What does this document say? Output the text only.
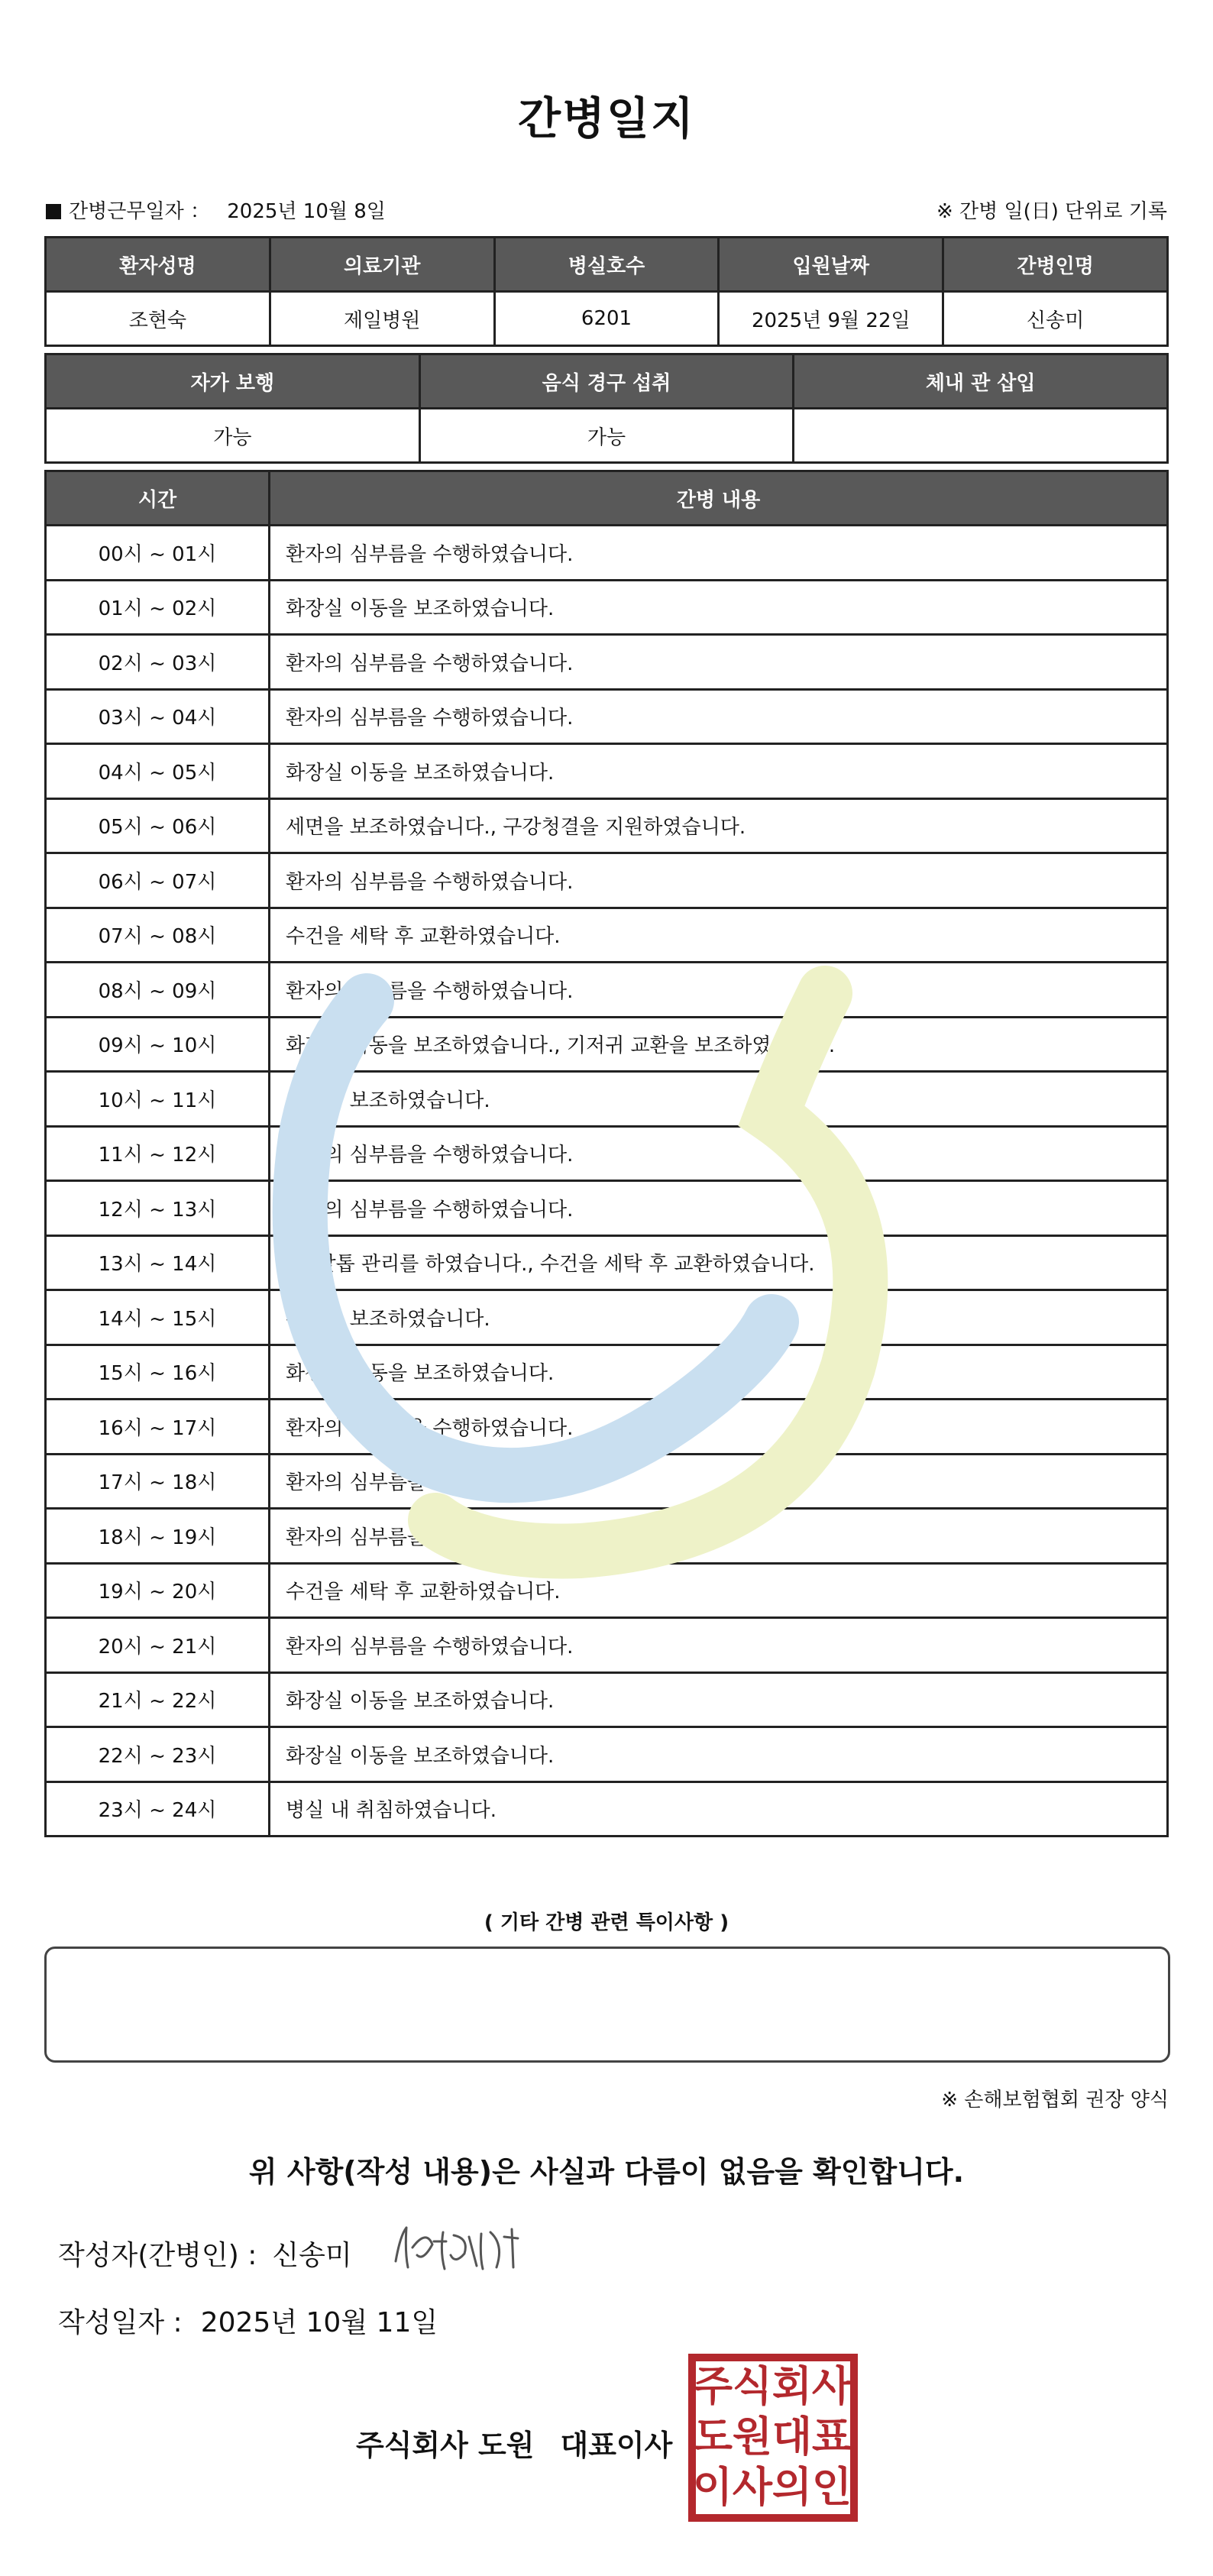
간병일지
간병근무일자 ： 2025년 10월 8일	※ 간병 일(日) 단위로 기록
환자성명	의료기관	병실호수	입원날짜	간병인명
조현숙	제일병원	6201	2025년 9월 22일	신송미
자가 보행	음식 경구 섭취	체내 관 삽입
가능	가능	
시간	간병 내용
00시 ~ 01시	환자의 심부름을 수행하였습니다.
01시 ~ 02시	화장실 이동을 보조하였습니다.
02시 ~ 03시	환자의 심부름을 수행하였습니다.
03시 ~ 04시	환자의 심부름을 수행하였습니다.
04시 ~ 05시	화장실 이동을 보조하였습니다.
05시 ~ 06시	세면을 보조하였습니다., 구강청결을 지원하였습니다.
06시 ~ 07시	환자의 심부름을 수행하였습니다.
07시 ~ 08시	수건을 세탁 후 교환하였습니다.
08시 ~ 09시	환자의 심부름을 수행하였습니다.
09시 ~ 10시	화장실 이동을 보조하였습니다., 기저귀 교환을 보조하였습니다.
10시 ~ 11시	산책을 보조하였습니다.
11시 ~ 12시	환자의 심부름을 수행하였습니다.
12시 ~ 13시	환자의 심부름을 수행하였습니다.
13시 ~ 14시	손•발톱 관리를 하였습니다., 수건을 세탁 후 교환하였습니다.
14시 ~ 15시	산책을 보조하였습니다.
15시 ~ 16시	화장실 이동을 보조하였습니다.
16시 ~ 17시	환자의 심부름을 수행하였습니다.
17시 ~ 18시	환자의 심부름을 수행하였습니다.
18시 ~ 19시	환자의 심부름을 수행하였습니다.
19시 ~ 20시	수건을 세탁 후 교환하였습니다.
20시 ~ 21시	환자의 심부름을 수행하였습니다.
21시 ~ 22시	화장실 이동을 보조하였습니다.
22시 ~ 23시	화장실 이동을 보조하였습니다.
23시 ~ 24시	병실 내 취침하였습니다.
( 기타 간병 관련 특이사항 )
※ 손해보험협회 권장 양식
위 사항(작성 내용)은 사실과 다름이 없음을 확인합니다.
작성자(간병인) : 신송미
작성일자 : 2025년 10월 11일
주식회사 도원 대표이사
주 식 회 사
도 원 대 표
이 사 의 인
